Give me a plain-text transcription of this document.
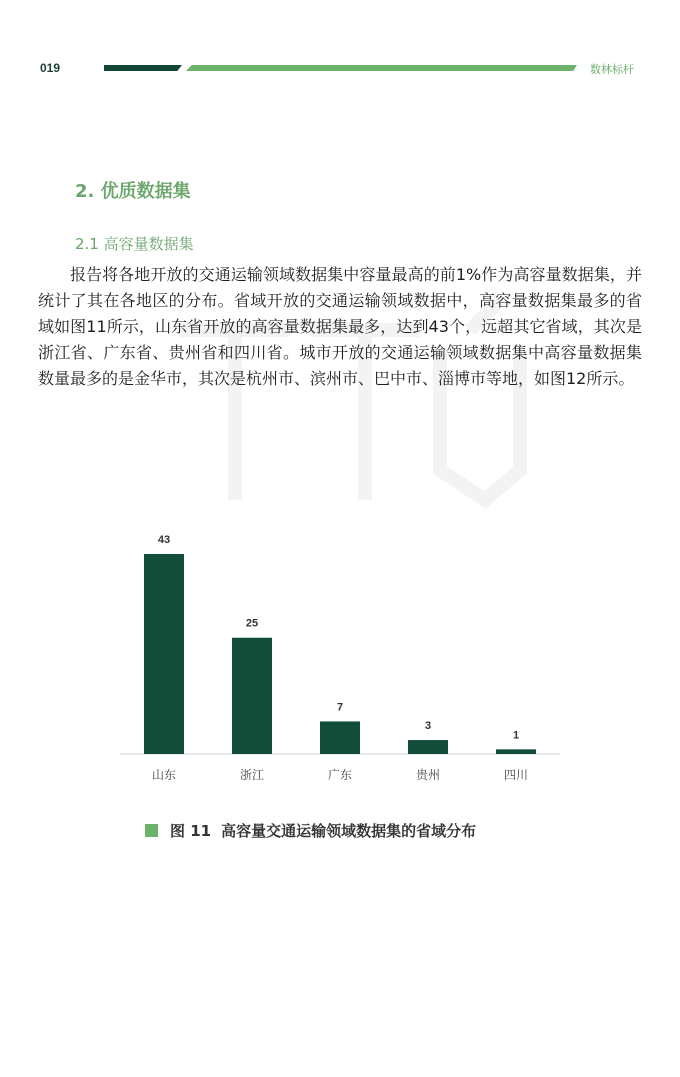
019	数林标杆
2. 优质数据集
2.1 高容量数据集

报告将各地开放的交通运输领域数据集中容量最高的前1%作为高容量数据集，并统计了其在各地区的分布。省域开放的交通运输领域数据中，高容量数据集最多的省域如图11所示，山东省开放的高容量数据集最多，达到43个，远超其它省域，其次是浙江省、广东省、贵州省和四川省。城市开放的交通运输领域数据集中高容量数据集数量最多的是金华市，其次是杭州市、滨州市、巴中市、淄博市等地，如图12所示。

43
山东
25
浙江
7
广东
3
贵州
1
四川
图 11 高容量交通运输领域数据集的省域分布
